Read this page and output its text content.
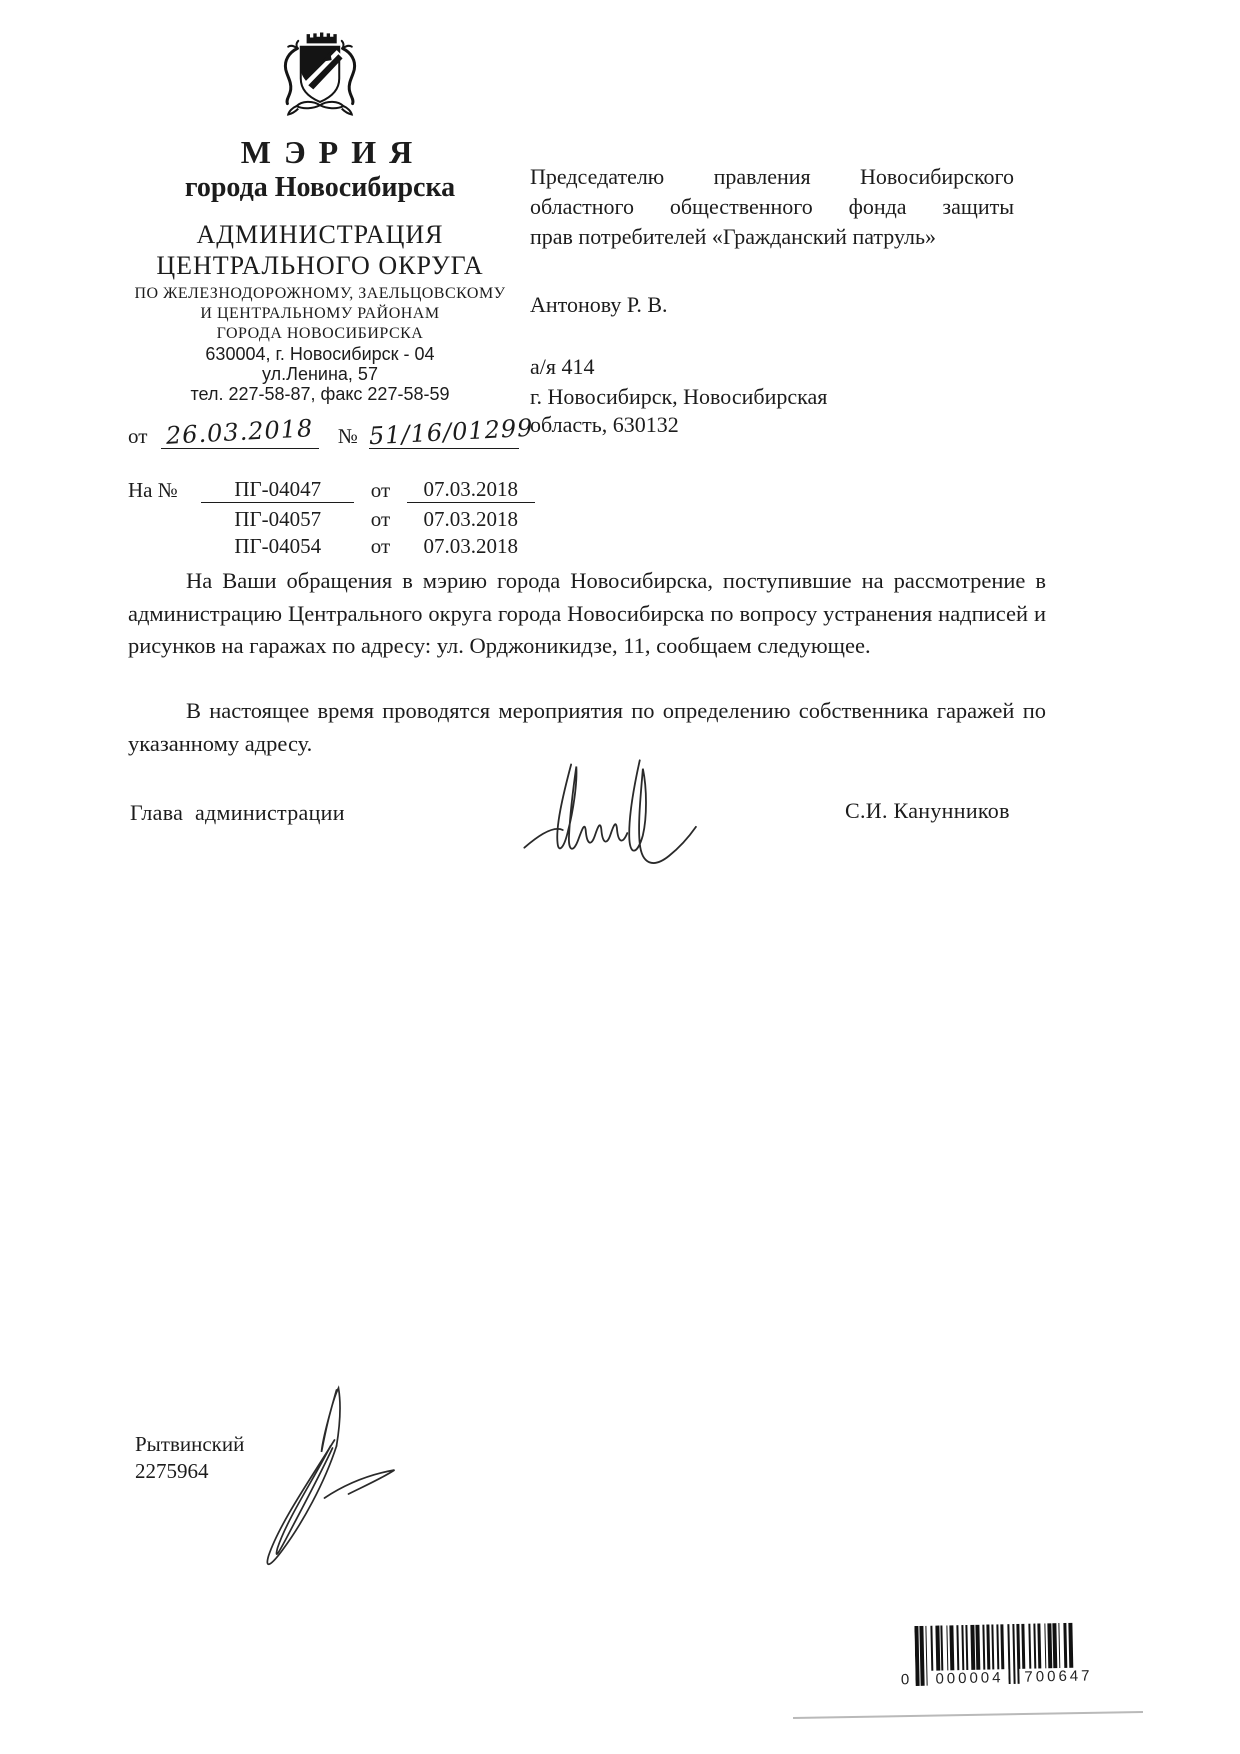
МЭРИЯ
города Новосибирска
АДМИНИСТРАЦИЯ
ЦЕНТРАЛЬНОГО ОКРУГА
ПО ЖЕЛЕЗНОДОРОЖНОМУ, ЗАЕЛЬЦОВСКОМУ
И ЦЕНТРАЛЬНОМУ РАЙОНАМ
ГОРОДА НОВОСИБИРСКА
630004, г. Новосибирск - 04
ул.Ленина, 57
тел. 227-58-87, факс 227-58-59
от 26.03.2018 № 51/16/01299
На №	ПГ-04047 от 07.03.2018
ПГ-04057 от 07.03.2018
ПГ-04054 от 07.03.2018
Председателю правления Новосибирского
областного общественного фонда защиты
прав потребителей «Гражданский патруль»
Антонову Р. В.
а/я 414
г. Новосибирск, Новосибирская
область, 630132
На Ваши обращения в мэрию города Новосибирска, поступившие на рассмотрение в администрацию Центрального округа города Новосибирска по вопросу устранения надписей и рисунков на гаражах по адресу: ул. Орджоникидзе, 11, сообщаем следующее.
В настоящее время проводятся мероприятия по определению собственника гаражей по указанному адресу.
Глава администрации	С.И. Канунников
Рытвинский
2275964
0	000004	700647
